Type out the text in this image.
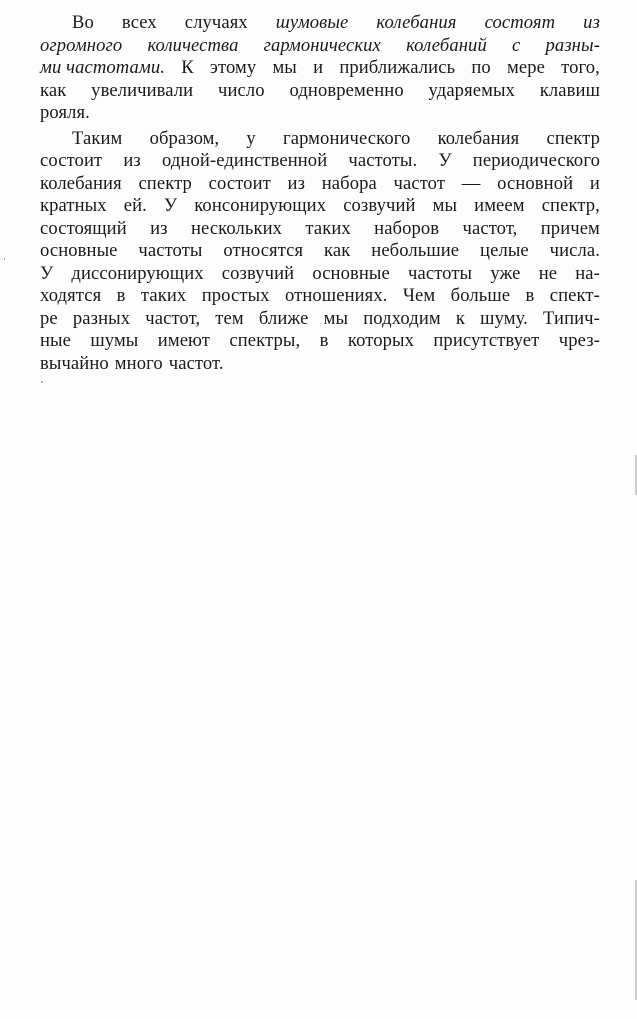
Во всех случаях шумовые колебания состоят из
огромного количества гармонических колебаний с разны-
ми частотами. К этому мы и приближались по мере того,
как увеличивали число одновременно ударяемых клавиш
рояля.
Таким образом, у гармонического колебания спектр
состоит из одной-единственной частоты. У периодического
колебания спектр состоит из набора частот — основной и
кратных ей. У консонирующих созвучий мы имеем спектр,
состоящий из нескольких таких наборов частот, причем
основные частоты относятся как небольшие целые числа.
У диссонирующих созвучий основные частоты уже не на-
ходятся в таких простых отношениях. Чем больше в спект-
ре разных частот, тем ближе мы подходим к шуму. Типич-
ные шумы имеют спектры, в которых присутствует чрез-
вычайно много частот.
